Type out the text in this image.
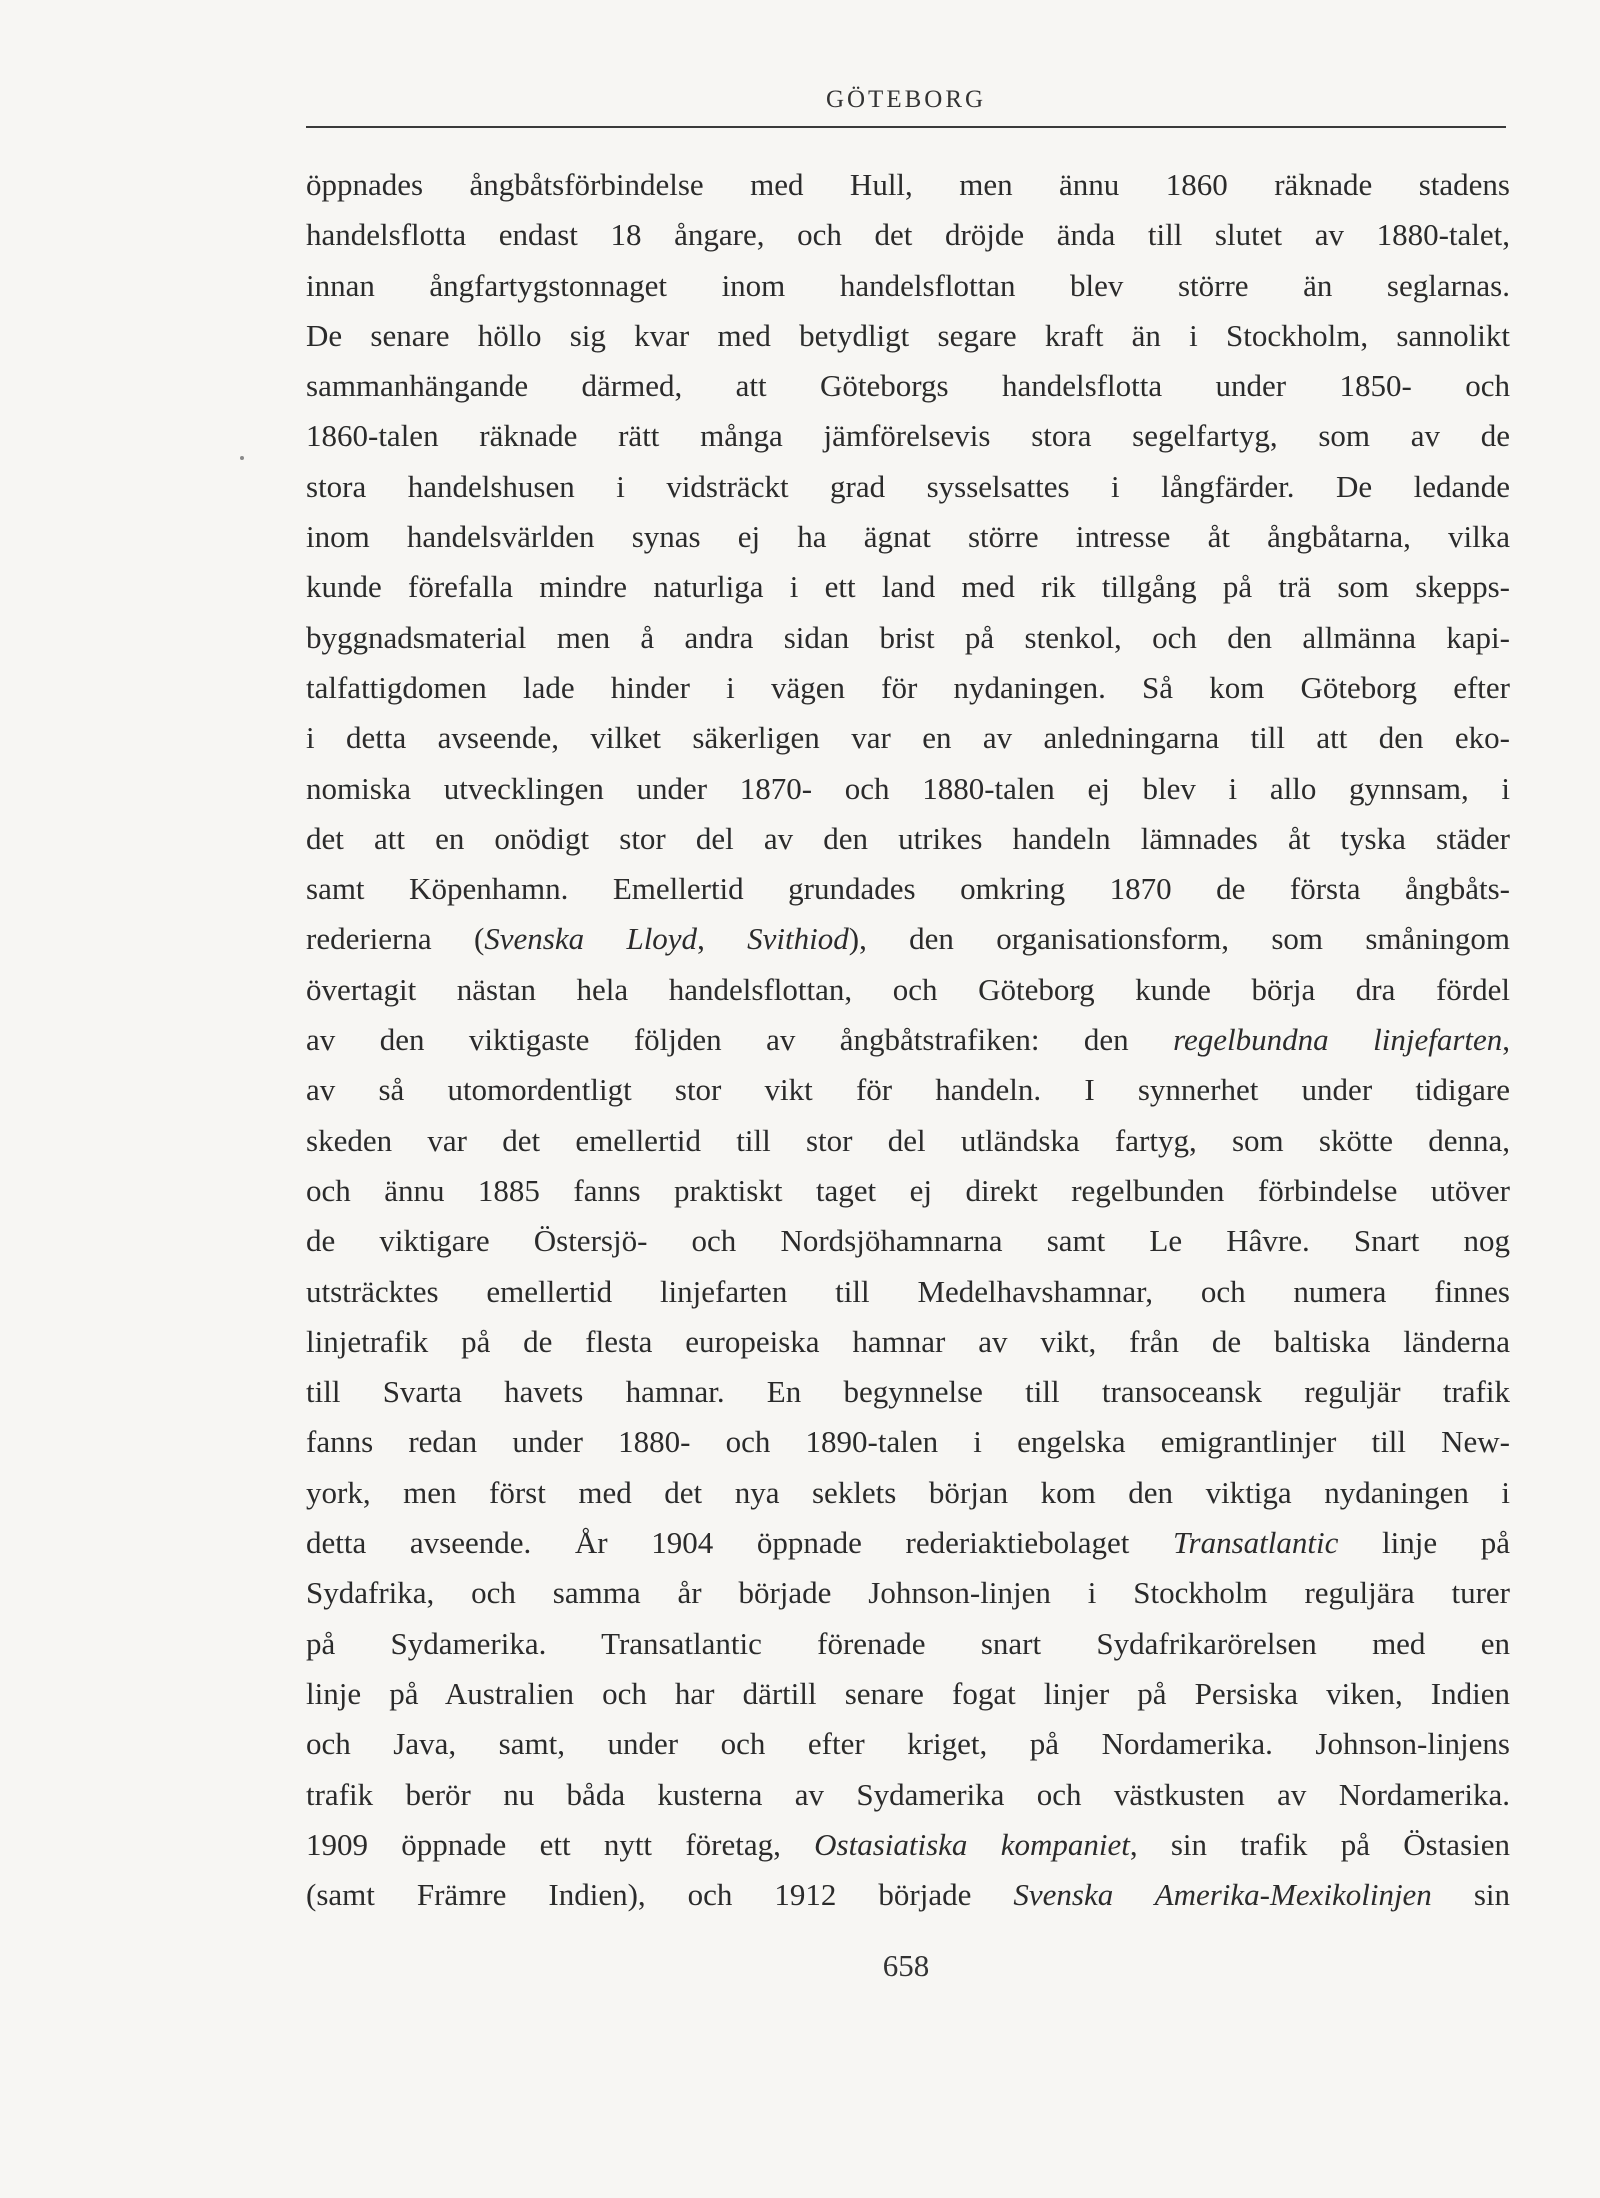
GÖTEBORG
öppnades ångbåtsförbindelse med Hull, men ännu 1860 räknade stadens
handelsflotta endast 18 ångare, och det dröjde ända till slutet av 1880-talet,
innan ångfartygstonnaget inom handelsflottan blev större än seglarnas.
De senare höllo sig kvar med betydligt segare kraft än i Stockholm, sannolikt
sammanhängande därmed, att Göteborgs handelsflotta under 1850- och
1860-talen räknade rätt många jämförelsevis stora segelfartyg, som av de
stora handelshusen i vidsträckt grad sysselsattes i långfärder. De ledande
inom handelsvärlden synas ej ha ägnat större intresse åt ångbåtarna, vilka
kunde förefalla mindre naturliga i ett land med rik tillgång på trä som skepps-
byggnadsmaterial men å andra sidan brist på stenkol, och den allmänna kapi-
talfattigdomen lade hinder i vägen för nydaningen. Så kom Göteborg efter
i detta avseende, vilket säkerligen var en av anledningarna till att den eko-
nomiska utvecklingen under 1870- och 1880-talen ej blev i allo gynnsam, i
det att en onödigt stor del av den utrikes handeln lämnades åt tyska städer
samt Köpenhamn. Emellertid grundades omkring 1870 de första ångbåts-
rederierna (Svenska Lloyd, Svithiod), den organisationsform, som småningom
övertagit nästan hela handelsflottan, och Göteborg kunde börja dra fördel
av den viktigaste följden av ångbåtstrafiken: den regelbundna linjefarten,
av så utomordentligt stor vikt för handeln. I synnerhet under tidigare
skeden var det emellertid till stor del utländska fartyg, som skötte denna,
och ännu 1885 fanns praktiskt taget ej direkt regelbunden förbindelse utöver
de viktigare Östersjö- och Nordsjöhamnarna samt Le Hâvre. Snart nog
utsträcktes emellertid linjefarten till Medelhavshamnar, och numera finnes
linjetrafik på de flesta europeiska hamnar av vikt, från de baltiska länderna
till Svarta havets hamnar. En begynnelse till transoceansk reguljär trafik
fanns redan under 1880- och 1890-talen i engelska emigrantlinjer till New-
york, men först med det nya seklets början kom den viktiga nydaningen i
detta avseende. År 1904 öppnade rederiaktiebolaget Transatlantic linje på
Sydafrika, och samma år började Johnson-linjen i Stockholm reguljära turer
på Sydamerika. Transatlantic förenade snart Sydafrikarörelsen med en
linje på Australien och har därtill senare fogat linjer på Persiska viken, Indien
och Java, samt, under och efter kriget, på Nordamerika. Johnson-linjens
trafik berör nu båda kusterna av Sydamerika och västkusten av Nordamerika.
1909 öppnade ett nytt företag, Ostasiatiska kompaniet, sin trafik på Östasien
(samt Främre Indien), och 1912 började Svenska Amerika-Mexikolinjen sin
658
